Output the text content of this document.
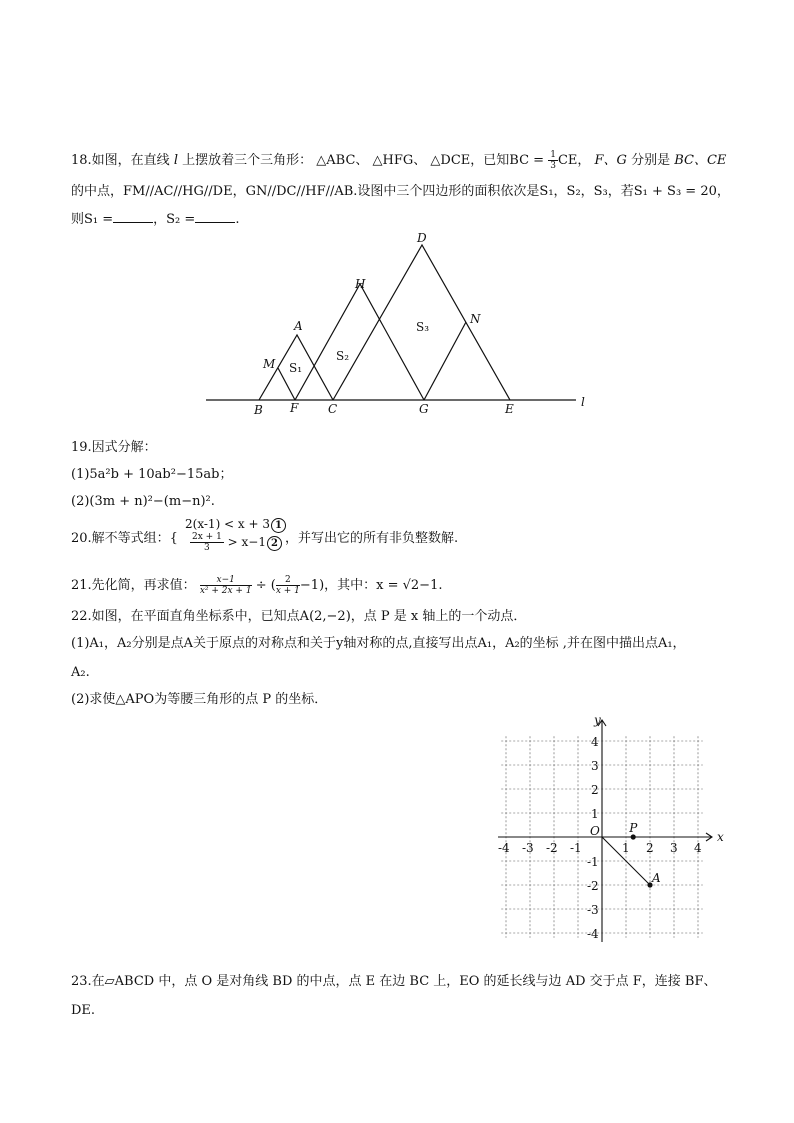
18.如图，在直线 l 上摆放着三个三角形： △ABC、 △HFG、 △DCE，已知BC = $\frac{1}{3}$ CE， F、G 分别是 BC、CE
的中点，FM//AC//HG//DE，GN//DC//HF//AB.设图中三个四边形的面积依次是S₁，S₂，S₃，若S₁ + S₃ = 20，
则S₁ =	，S₂ =	.
D
H
A	N
M
B F C	G	E	l
S₁
S₂
S₃
19.因式分解：
(1)5a²b + 10ab²−15ab；
(2)(3m + n)²−(m−n)².
2(x-1) < x + 3 1
20.解不等式组：{ $\frac{2x + 1}{3} > x-1$ 2 ，并写出它的所有非负整数解.
21.先化简，再求值： $\frac{x-1}{\text{x² + 2x + 1}}$ ÷ ( $\frac{2}{x + 1} -1$)，其中：x = √2−1.
22.如图，在平面直角坐标系中，已知点A(2,−2)，点 P 是 x 轴上的一个动点．
(1)A₁，A₂分别是点A关于原点的对称点和关于y轴对称的点,直接写出点A₁，A₂的坐标 ,并在图中描出点A₁，
A₂.
(2)求使△APO为等腰三角形的点 P 的坐标．
-4 -3 -2 -1	1 2 3 4
4
3
2
1
-1
-2
-3
-4
P
A
O	x
y
23.在▱ABCD 中，点 O 是对角线 BD 的中点，点 E 在边 BC 上，EO 的延长线与边 AD 交于点 F，连接 BF、
DE.
